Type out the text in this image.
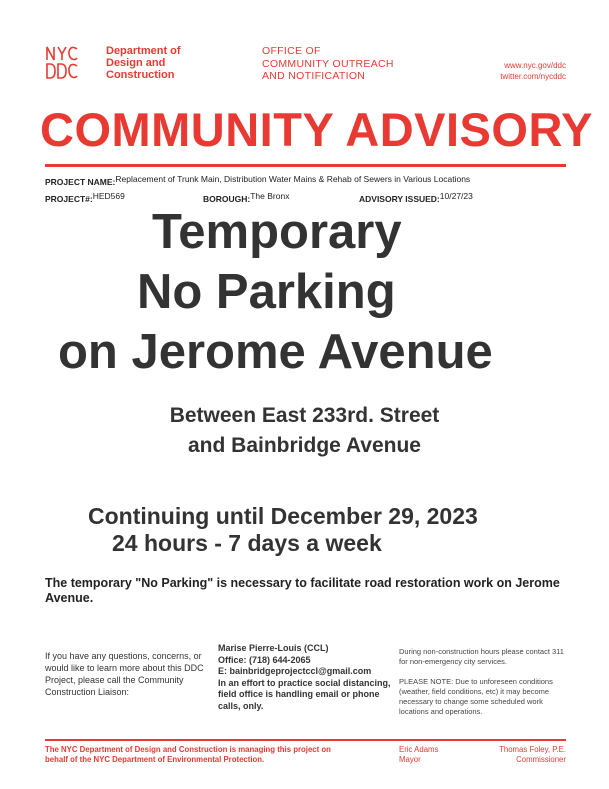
Department of
Design and
Construction
OFFICE OF
COMMUNITY OUTREACH
AND NOTIFICATION
www.nyc.gov/ddc
twitter.com/nycddc
COMMUNITY ADVISORY
PROJECT NAME:Replacement of Trunk Main, Distribution Water Mains & Rehab of Sewers in Various Locations
PROJECT#:HED569	BOROUGH:The Bronx	ADVISORY ISSUED:10/27/23
Temporary
No Parking
on Jerome Avenue
Between East 233rd. Street
and Bainbridge Avenue
Continuing until December 29, 2023
24 hours - 7 days a week
The temporary "No Parking" is necessary to facilitate road restoration work on Jerome Avenue.
If you have any questions, concerns, or would like to learn more about this DDC Project, please call the Community Construction Liaison:
Marise Pierre-Louis (CCL)
Office: (718) 644-2065
E: bainbridgeprojectccl@gmail.com
In an effort to practice social distancing, field office is handling email or phone calls, only.
During non-construction hours please contact 311 for non-emergency city services.
PLEASE NOTE: Due to unforeseen conditions (weather, field conditions, etc) it may become necessary to change some scheduled work locations and operations.
The NYC Department of Design and Construction is managing this project on behalf of the NYC Department of Environmental Protection.
Eric Adams
Mayor
Thomas Foley, P.E.
Commissioner
